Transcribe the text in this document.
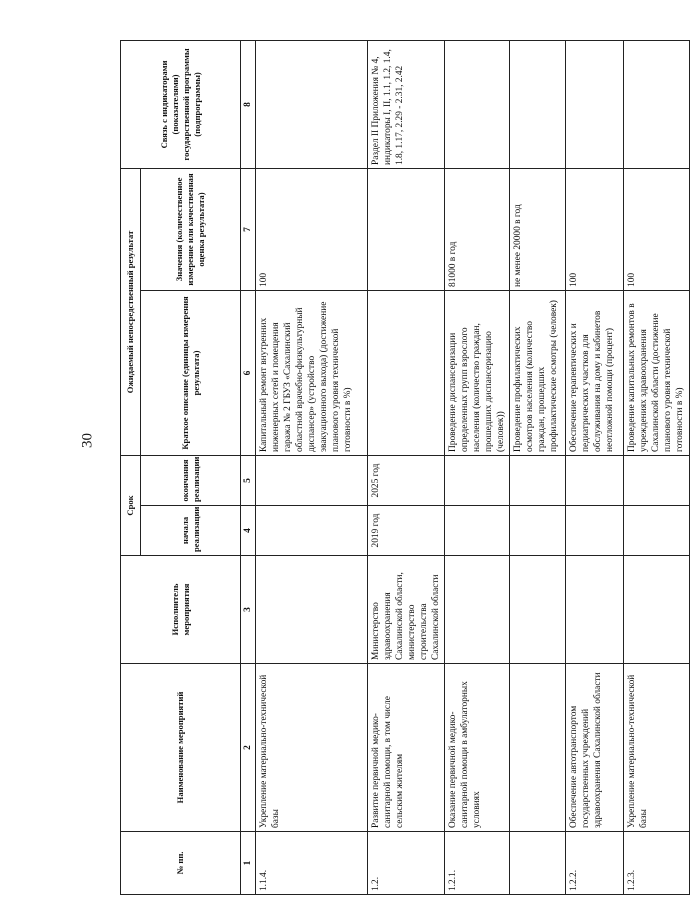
30
№ пп.	Наименование мероприятий	Исполнитель мероприятия	Срок		Ожидаемый непосредственный результат		Связь с индикаторами (показателями) государственной программы (подпрограммы)
			начала реализации	окончания реализации	Краткое описание (единицы измерения результата)	Значения (количественное измерение или качественная оценка результата)	
1	2	3	4	5	6	7	8
1.1.4.	Укрепление материально-технической базы				Капитальный ремонт внутренних инженерных сетей и помещения гаража № 2 ГБУЗ «Сахалинский областной врачебно-физкультурный диспансер» (устройство эвакуационного выхода) (достижение планового уровня технической готовности в %)	100	
1.2.	Развитие первичной медико-санитарной помощи, в том числе сельским жителям	Министерство здравоохранения Сахалинской области, министерство строительства Сахалинской области	2019 год	2025 год			Раздел II Приложения № 4, индикаторы I, II, 1.1, 1.2, 1.4, 1.8, 1.17, 2.29 - 2.31, 2.42
1.2.1.	Оказание первичной медико-санитарной помощи в амбулаторных условиях				Проведение диспансеризации определенных групп взрослого населения (количество граждан, прошедших диспансеризацию (человек))	81000 в год	
					Проведение профилактических осмотров населения (количество граждан, прошедших профилактические осмотры (человек)	не менее 20000 в год	
1.2.2.	Обеспечение автотранспортом государственных учреждений здравоохранения Сахалинской области				Обеспечение терапевтических и педиатрических участков для обслуживания на дому и кабинетов неотложной помощи (процент)	100	
1.2.3.	Укрепление материально-технической базы				Проведение капитальных ремонтов в учреждениях здравоохранения Сахалинской области (достижение планового уровня технической готовности в %)	100	
